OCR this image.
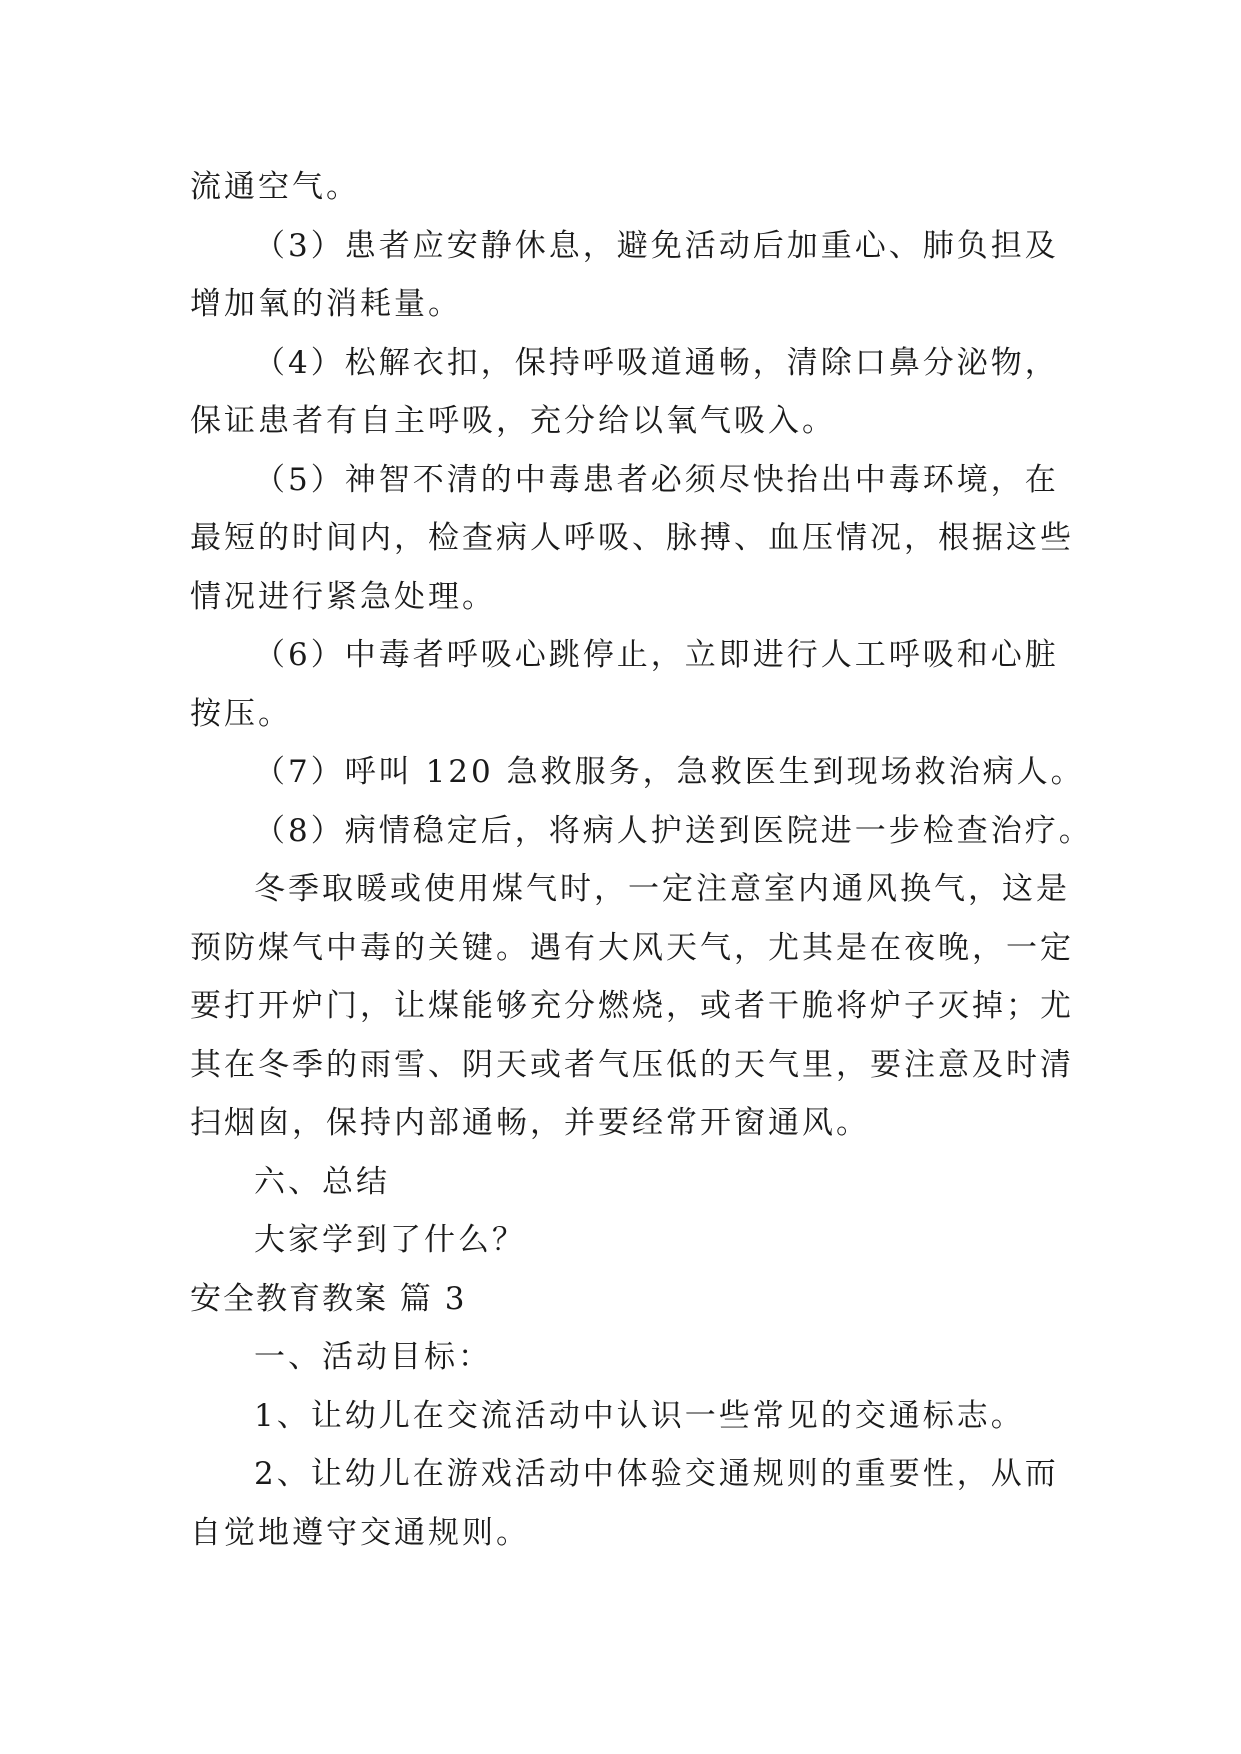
流通空气。
（3）患者应安静休息，避免活动后加重心、肺负担及
增加氧的消耗量。
（4）松解衣扣，保持呼吸道通畅，清除口鼻分泌物，
保证患者有自主呼吸，充分给以氧气吸入。
（5）神智不清的中毒患者必须尽快抬出中毒环境，在
最短的时间内，检查病人呼吸、脉搏、血压情况，根据这些
情况进行紧急处理。
（6）中毒者呼吸心跳停止，立即进行人工呼吸和心脏
按压。
（7）呼叫 120 急救服务，急救医生到现场救治病人。
（8）病情稳定后，将病人护送到医院进一步检查治疗。
冬季取暖或使用煤气时，一定注意室内通风换气，这是
预防煤气中毒的关键。遇有大风天气，尤其是在夜晚，一定
要打开炉门，让煤能够充分燃烧，或者干脆将炉子灭掉；尤
其在冬季的雨雪、阴天或者气压低的天气里，要注意及时清
扫烟囱，保持内部通畅，并要经常开窗通风。
六、总结
大家学到了什么？
安全教育教案 篇 3
一、活动目标：
1、让幼儿在交流活动中认识一些常见的交通标志。
2、让幼儿在游戏活动中体验交通规则的重要性，从而
自觉地遵守交通规则。
